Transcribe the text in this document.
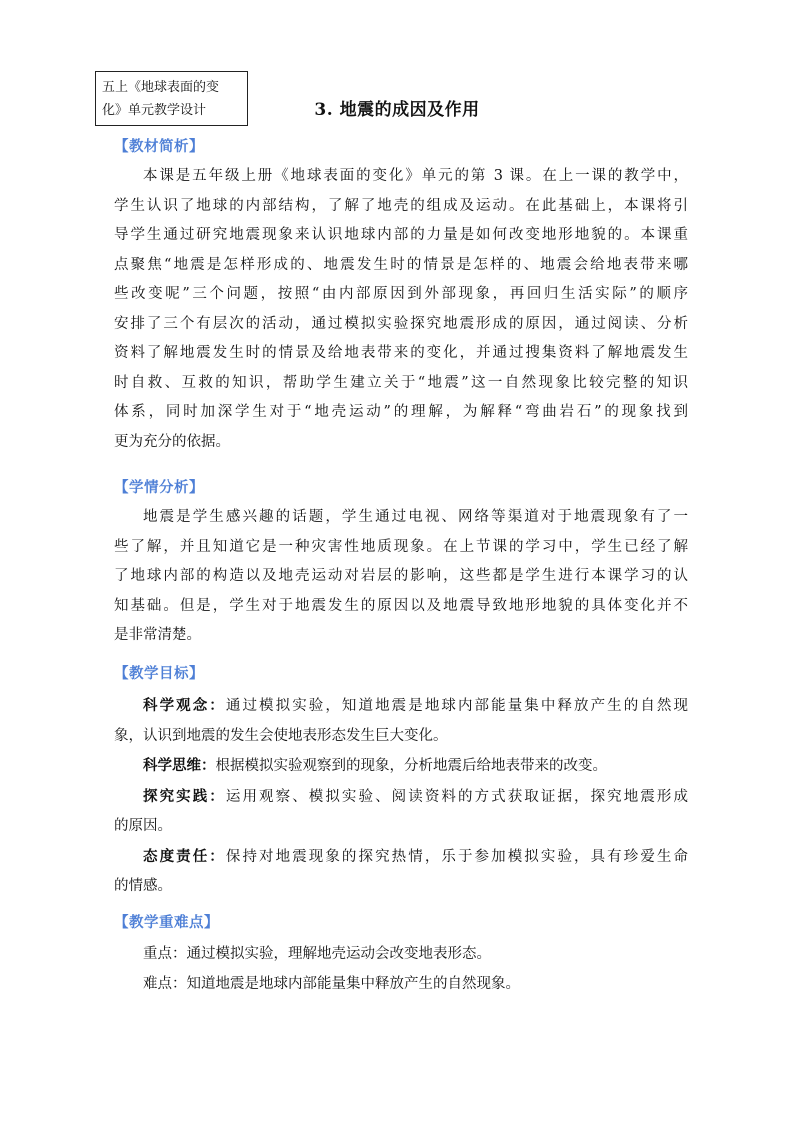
五上《地球表面的变
化》单元教学设计	3. 地震的成因及作用
【教材简析】
本课是五年级上册《地球表面的变化》单元的第 3 课。在上一课的教学中，
学生认识了地球的内部结构，了解了地壳的组成及运动。在此基础上，本课将引
导学生通过研究地震现象来认识地球内部的力量是如何改变地形地貌的。本课重
点聚焦“地震是怎样形成的、地震发生时的情景是怎样的、地震会给地表带来哪
些改变呢”三个问题，按照“由内部原因到外部现象，再回归生活实际”的顺序
安排了三个有层次的活动，通过模拟实验探究地震形成的原因，通过阅读、分析
资料了解地震发生时的情景及给地表带来的变化，并通过搜集资料了解地震发生
时自救、互救的知识，帮助学生建立关于“地震”这一自然现象比较完整的知识
体系，同时加深学生对于“地壳运动”的理解，为解释“弯曲岩石”的现象找到
更为充分的依据。
【学情分析】
地震是学生感兴趣的话题，学生通过电视、网络等渠道对于地震现象有了一
些了解，并且知道它是一种灾害性地质现象。在上节课的学习中，学生已经了解
了地球内部的构造以及地壳运动对岩层的影响，这些都是学生进行本课学习的认
知基础。但是，学生对于地震发生的原因以及地震导致地形地貌的具体变化并不
是非常清楚。
【教学目标】
科学观念：通过模拟实验，知道地震是地球内部能量集中释放产生的自然现
象，认识到地震的发生会使地表形态发生巨大变化。
科学思维：根据模拟实验观察到的现象，分析地震后给地表带来的改变。
探究实践：运用观察、模拟实验、阅读资料的方式获取证据，探究地震形成
的原因。
态度责任：保持对地震现象的探究热情，乐于参加模拟实验，具有珍爱生命
的情感。
【教学重难点】
重点：通过模拟实验，理解地壳运动会改变地表形态。
难点：知道地震是地球内部能量集中释放产生的自然现象。
